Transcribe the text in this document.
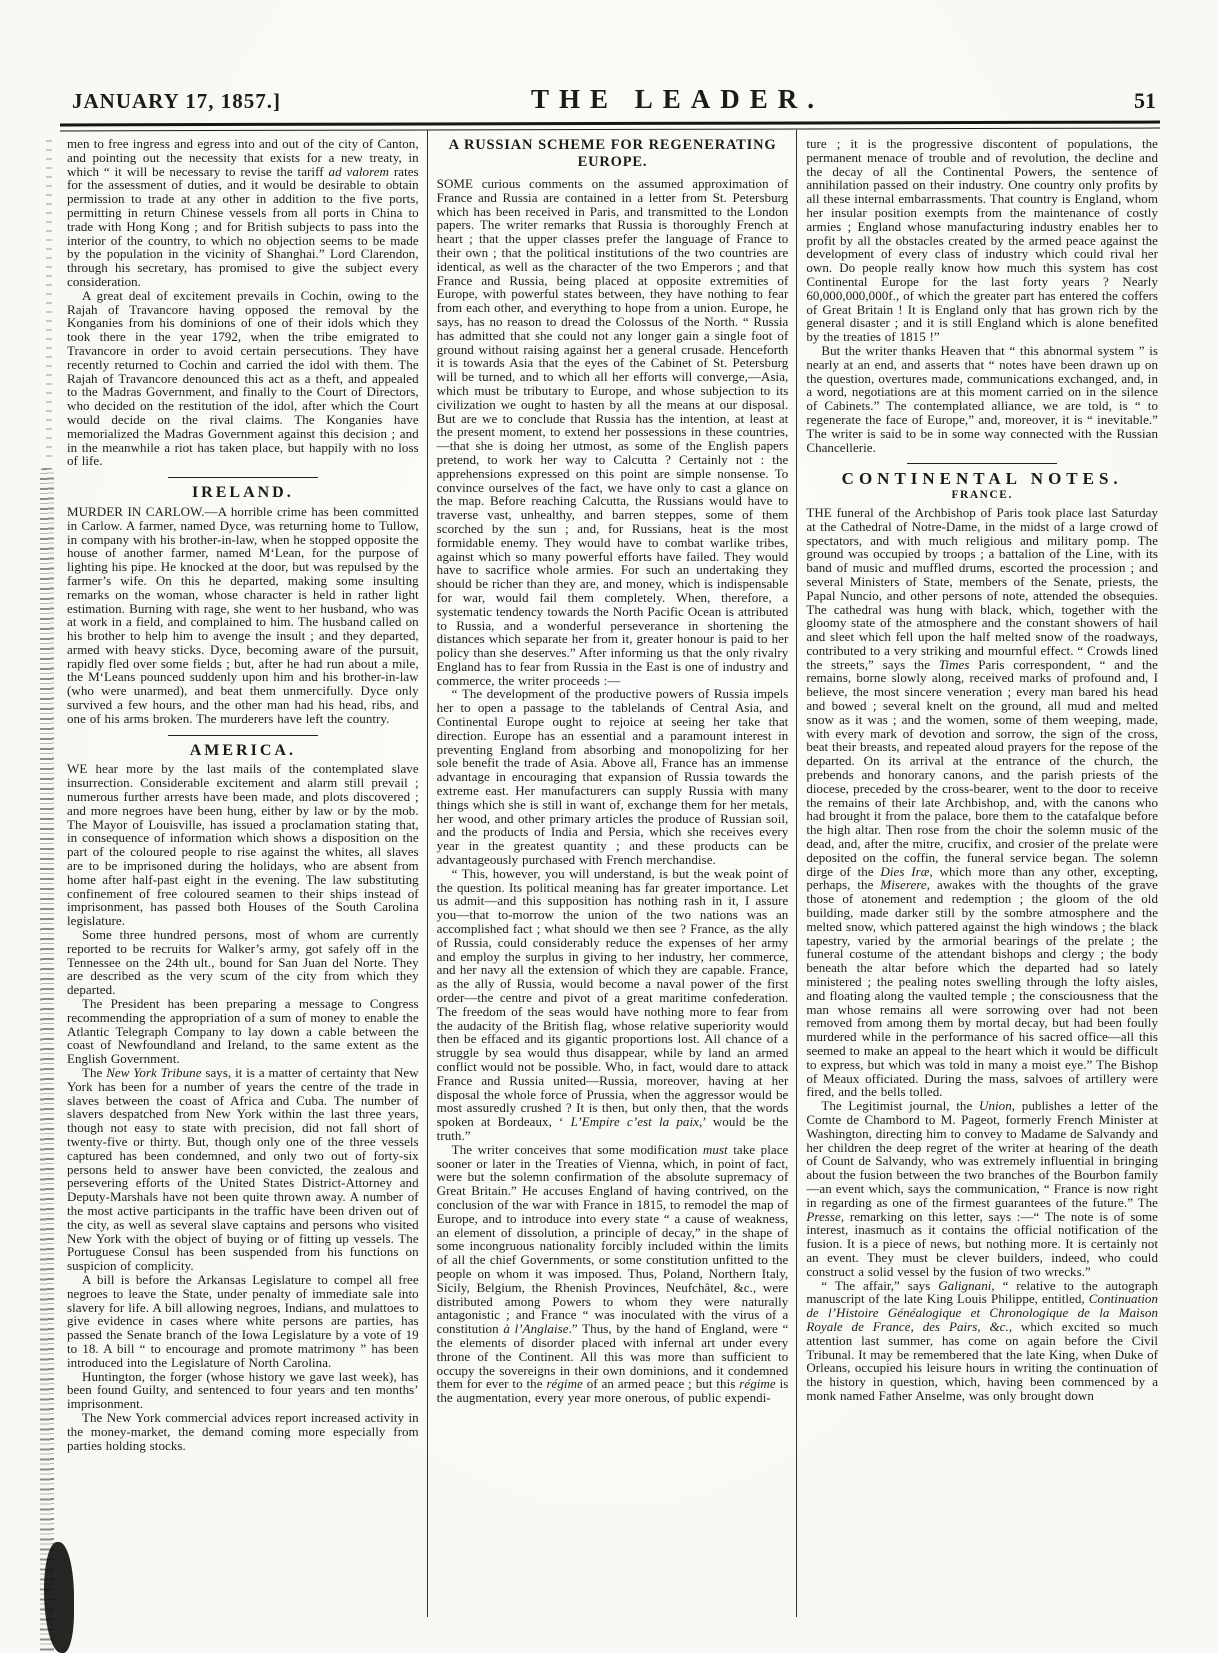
JANUARY 17, 1857.]	THE LEADER.	51
men to free ingress and egress into and out of the city of Canton, and pointing out the necessity that exists for a new treaty, in which “ it will be necessary to revise the tariff ad valorem rates for the assessment of duties, and it would be desirable to obtain permission to trade at any other in addition to the five ports, permitting in return Chinese vessels from all ports in China to trade with Hong Kong ; and for British subjects to pass into the interior of the country, to which no objection seems to be made by the population in the vicinity of Shanghai.” Lord Clarendon, through his secretary, has promised to give the subject every consideration.
A great deal of excitement prevails in Cochin, owing to the Rajah of Travancore having opposed the removal by the Konganies from his dominions of one of their idols which they took there in the year 1792, when the tribe emigrated to Travancore in order to avoid certain persecutions. They have recently returned to Cochin and carried the idol with them. The Rajah of Travancore denounced this act as a theft, and appealed to the Madras Government, and finally to the Court of Directors, who decided on the restitution of the idol, after which the Court would decide on the rival claims. The Konganies have memorialized the Madras Government against this decision ; and in the meanwhile a riot has taken place, but happily with no loss of life.
IRELAND.
MURDER IN CARLOW.—A horrible crime has been committed in Carlow. A farmer, named Dyce, was returning home to Tullow, in company with his brother-in-law, when he stopped opposite the house of another farmer, named M‘Lean, for the purpose of lighting his pipe. He knocked at the door, but was repulsed by the farmer’s wife. On this he departed, making some insulting remarks on the woman, whose character is held in rather light estimation. Burning with rage, she went to her husband, who was at work in a field, and complained to him. The husband called on his brother to help him to avenge the insult ; and they departed, armed with heavy sticks. Dyce, becoming aware of the pursuit, rapidly fled over some fields ; but, after he had run about a mile, the M‘Leans pounced suddenly upon him and his brother-in-law (who were unarmed), and beat them unmercifully. Dyce only survived a few hours, and the other man had his head, ribs, and one of his arms broken. The murderers have left the country.
AMERICA.
WE hear more by the last mails of the contemplated slave insurrection. Considerable excitement and alarm still prevail ; numerous further arrests have been made, and plots discovered ; and more negroes have been hung, either by law or by the mob. The Mayor of Louisville, has issued a proclamation stating that, in consequence of information which shows a disposition on the part of the coloured people to rise against the whites, all slaves are to be imprisoned during the holidays, who are absent from home after half-past eight in the evening. The law substituting confinement of free coloured seamen to their ships instead of imprisonment, has passed both Houses of the South Carolina legislature.
Some three hundred persons, most of whom are currently reported to be recruits for Walker’s army, got safely off in the Tennessee on the 24th ult., bound for San Juan del Norte. They are described as the very scum of the city from which they departed.
The President has been preparing a message to Congress recommending the appropriation of a sum of money to enable the Atlantic Telegraph Company to lay down a cable between the coast of Newfoundland and Ireland, to the same extent as the English Government.
The New York Tribune says, it is a matter of certainty that New York has been for a number of years the centre of the trade in slaves between the coast of Africa and Cuba. The number of slavers despatched from New York within the last three years, though not easy to state with precision, did not fall short of twenty-five or thirty. But, though only one of the three vessels captured has been condemned, and only two out of forty-six persons held to answer have been convicted, the zealous and persevering efforts of the United States District-Attorney and Deputy-Marshals have not been quite thrown away. A number of the most active participants in the traffic have been driven out of the city, as well as several slave captains and persons who visited New York with the object of buying or of fitting up vessels. The Portuguese Consul has been suspended from his functions on suspicion of complicity.
A bill is before the Arkansas Legislature to compel all free negroes to leave the State, under penalty of immediate sale into slavery for life. A bill allowing negroes, Indians, and mulattoes to give evidence in cases where white persons are parties, has passed the Senate branch of the Iowa Legislature by a vote of 19 to 18. A bill “ to encourage and promote matrimony ” has been introduced into the Legislature of North Carolina.
Huntington, the forger (whose history we gave last week), has been found Guilty, and sentenced to four years and ten months’ imprisonment.
The New York commercial advices report increased activity in the money-market, the demand coming more especially from parties holding stocks.
A RUSSIAN SCHEME FOR REGENERATING EUROPE.
SOME curious comments on the assumed approximation of France and Russia are contained in a letter from St. Petersburg which has been received in Paris, and transmitted to the London papers. The writer remarks that Russia is thoroughly French at heart ; that the upper classes prefer the language of France to their own ; that the political institutions of the two countries are identical, as well as the character of the two Emperors ; and that France and Russia, being placed at opposite extremities of Europe, with powerful states between, they have nothing to fear from each other, and everything to hope from a union. Europe, he says, has no reason to dread the Colossus of the North. “ Russia has admitted that she could not any longer gain a single foot of ground without raising against her a general crusade. Henceforth it is towards Asia that the eyes of the Cabinet of St. Petersburg will be turned, and to which all her efforts will converge,—Asia, which must be tributary to Europe, and whose subjection to its civilization we ought to hasten by all the means at our disposal. But are we to conclude that Russia has the intention, at least at the present moment, to extend her possessions in these countries,—that she is doing her utmost, as some of the English papers pretend, to work her way to Calcutta ? Certainly not : the apprehensions expressed on this point are simple nonsense. To convince ourselves of the fact, we have only to cast a glance on the map. Before reaching Calcutta, the Russians would have to traverse vast, unhealthy, and barren steppes, some of them scorched by the sun ; and, for Russians, heat is the most formidable enemy. They would have to combat warlike tribes, against which so many powerful efforts have failed. They would have to sacrifice whole armies. For such an undertaking they should be richer than they are, and money, which is indispensable for war, would fail them completely. When, therefore, a systematic tendency towards the North Pacific Ocean is attributed to Russia, and a wonderful perseverance in shortening the distances which separate her from it, greater honour is paid to her policy than she deserves.” After informing us that the only rivalry England has to fear from Russia in the East is one of industry and commerce, the writer proceeds :—
“ The development of the productive powers of Russia impels her to open a passage to the tablelands of Central Asia, and Continental Europe ought to rejoice at seeing her take that direction. Europe has an essential and a paramount interest in preventing England from absorbing and monopolizing for her sole benefit the trade of Asia. Above all, France has an immense advantage in encouraging that expansion of Russia towards the extreme east. Her manufacturers can supply Russia with many things which she is still in want of, exchange them for her metals, her wood, and other primary articles the produce of Russian soil, and the products of India and Persia, which she receives every year in the greatest quantity ; and these products can be advantageously purchased with French merchandise.
“ This, however, you will understand, is but the weak point of the question. Its political meaning has far greater importance. Let us admit—and this supposition has nothing rash in it, I assure you—that to-morrow the union of the two nations was an accomplished fact ; what should we then see ? France, as the ally of Russia, could considerably reduce the expenses of her army and employ the surplus in giving to her industry, her commerce, and her navy all the extension of which they are capable. France, as the ally of Russia, would become a naval power of the first order—the centre and pivot of a great maritime confederation. The freedom of the seas would have nothing more to fear from the audacity of the British flag, whose relative superiority would then be effaced and its gigantic proportions lost. All chance of a struggle by sea would thus disappear, while by land an armed conflict would not be possible. Who, in fact, would dare to attack France and Russia united—Russia, moreover, having at her disposal the whole force of Prussia, when the aggressor would be most assuredly crushed ? It is then, but only then, that the words spoken at Bordeaux, ‘ L’Empire c’est la paix,’ would be the truth.”
The writer conceives that some modification must take place sooner or later in the Treaties of Vienna, which, in point of fact, were but the solemn confirmation of the absolute supremacy of Great Britain.” He accuses England of having contrived, on the conclusion of the war with France in 1815, to remodel the map of Europe, and to introduce into every state “ a cause of weakness, an element of dissolution, a principle of decay,” in the shape of some incongruous nationality forcibly included within the limits of all the chief Governments, or some constitution unfitted to the people on whom it was imposed. Thus, Poland, Northern Italy, Sicily, Belgium, the Rhenish Provinces, Neufchâtel, &c., were distributed among Powers to whom they were naturally antagonistic ; and France “ was inoculated with the virus of a constitution à l’Anglaise.” Thus, by the hand of England, were “ the elements of disorder placed with infernal art under every throne of the Continent. All this was more than sufficient to occupy the sovereigns in their own dominions, and it condemned them for ever to the régime of an armed peace ; but this régime is the augmentation, every year more onerous, of public expendi-
ture ; it is the progressive discontent of populations, the permanent menace of trouble and of revolution, the decline and the decay of all the Continental Powers, the sentence of annihilation passed on their industry. One country only profits by all these internal embarrassments. That country is England, whom her insular position exempts from the maintenance of costly armies ; England whose manufacturing industry enables her to profit by all the obstacles created by the armed peace against the development of every class of industry which could rival her own. Do people really know how much this system has cost Continental Europe for the last forty years ? Nearly 60,000,000,000f., of which the greater part has entered the coffers of Great Britain ! It is England only that has grown rich by the general disaster ; and it is still England which is alone benefited by the treaties of 1815 !”
But the writer thanks Heaven that “ this abnormal system ” is nearly at an end, and asserts that “ notes have been drawn up on the question, overtures made, communications exchanged, and, in a word, negotiations are at this moment carried on in the silence of Cabinets.” The contemplated alliance, we are told, is “ to regenerate the face of Europe,” and, moreover, it is “ inevitable.” The writer is said to be in some way connected with the Russian Chancellerie.
CONTINENTAL NOTES.
FRANCE.
THE funeral of the Archbishop of Paris took place last Saturday at the Cathedral of Notre-Dame, in the midst of a large crowd of spectators, and with much religious and military pomp. The ground was occupied by troops ; a battalion of the Line, with its band of music and muffled drums, escorted the procession ; and several Ministers of State, members of the Senate, priests, the Papal Nuncio, and other persons of note, attended the obsequies. The cathedral was hung with black, which, together with the gloomy state of the atmosphere and the constant showers of hail and sleet which fell upon the half melted snow of the roadways, contributed to a very striking and mournful effect. “ Crowds lined the streets,” says the Times Paris correspondent, “ and the remains, borne slowly along, received marks of profound and, I believe, the most sincere veneration ; every man bared his head and bowed ; several knelt on the ground, all mud and melted snow as it was ; and the women, some of them weeping, made, with every mark of devotion and sorrow, the sign of the cross, beat their breasts, and repeated aloud prayers for the repose of the departed. On its arrival at the entrance of the church, the prebends and honorary canons, and the parish priests of the diocese, preceded by the cross-bearer, went to the door to receive the remains of their late Archbishop, and, with the canons who had brought it from the palace, bore them to the catafalque before the high altar. Then rose from the choir the solemn music of the dead, and, after the mitre, crucifix, and crosier of the prelate were deposited on the coffin, the funeral service began. The solemn dirge of the Dies Iræ, which more than any other, excepting, perhaps, the Miserere, awakes with the thoughts of the grave those of atonement and redemption ; the gloom of the old building, made darker still by the sombre atmosphere and the melted snow, which pattered against the high windows ; the black tapestry, varied by the armorial bearings of the prelate ; the funeral costume of the attendant bishops and clergy ; the body beneath the altar before which the departed had so lately ministered ; the pealing notes swelling through the lofty aisles, and floating along the vaulted temple ; the consciousness that the man whose remains all were sorrowing over had not been removed from among them by mortal decay, but had been foully murdered while in the performance of his sacred office—all this seemed to make an appeal to the heart which it would be difficult to express, but which was told in many a moist eye.” The Bishop of Meaux officiated. During the mass, salvoes of artillery were fired, and the bells tolled.
The Legitimist journal, the Union, publishes a letter of the Comte de Chambord to M. Pageot, formerly French Minister at Washington, directing him to convey to Madame de Salvandy and her children the deep regret of the writer at hearing of the death of Count de Salvandy, who was extremely influential in bringing about the fusion between the two branches of the Bourbon family—an event which, says the communication, “ France is now right in regarding as one of the firmest guarantees of the future.” The Presse, remarking on this letter, says :—“ The note is of some interest, inasmuch as it contains the official notification of the fusion. It is a piece of news, but nothing more. It is certainly not an event. They must be clever builders, indeed, who could construct a solid vessel by the fusion of two wrecks.”
“ The affair,” says Galignani, “ relative to the autograph manuscript of the late King Louis Philippe, entitled, Continuation de l’Histoire Généalogique et Chronologique de la Maison Royale de France, des Pairs, &c., which excited so much attention last summer, has come on again before the Civil Tribunal. It may be remembered that the late King, when Duke of Orleans, occupied his leisure hours in writing the continuation of the history in question, which, having been commenced by a monk named Father Anselme, was only brought down
